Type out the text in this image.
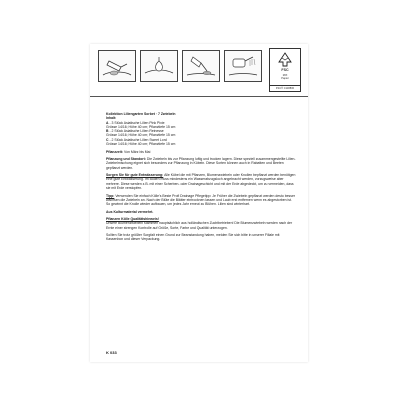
FSC
MIX
Papier
FSC® C118800

Kollektion Liliengarten Sorbet · 7 Zwiebeln
Inhalt:
A - 3 Stück Asiatische Lilien Pink Pixie
Grösse 14/16; Höhe 40 cm; Pflanztiefe 15 cm
B - 2 Stück Asiatische Lilien Reinesse
Grösse 14/16; Höhe 40 cm; Pflanztiefe 15 cm
C - 2 Stück Asiatische Lilien Sweet Lord
Grösse 14/16; Höhe 40 cm; Pflanztiefe 15 cm

Pflanzzeit: Von März bis Mai

Pflanzung und Standort: Die Zwiebeln bis zur Pflanzung luftig und trocken lagern. Diese speziell zusammengestellte Lilien-Zwiebelmischung eignet sich besonders zur Pflanzung in Kübeln. Diese Sorten können auch in Rabatten und Beeten gepflanzt werden.

Sorgen Sie für gute Entwässerung: Alle Kübel die mit Pflanzen, Blumenzwiebeln oder Knollen bepflanzt werden benötigen eine gute Entwässerung. Im Boden muss mindestens ein Wasserabzugsloch angebracht werden, vorzugsweise aber mehrere. Diese werden z.B. mit einer Scherben- oder Drainageschicht und mit der Erde abgedeckt, um zu vermeiden, dass sie mit Erde verstopfen.

Tipp: Verwenden Sie einfach Kölle's Beste Profi Drainage Pflegetipp: Je Früher die Zwiebeln gepflanzt werden desto besser wachsen die Zwiebeln an. Nach der Blüte die Blätter eintrocknen lassen und Laub erst entfernen wenn es abgestorben ist. So gewinnt die Knolle wieder aufbauen, um jedes Jahr erneut zu Blühen. Lilien sind winterhart.

Aus Kulturmaterial vermehrt.

Pflanzen Kölle Qualitätshinweis!
Unsere Blumenzwiebeln stammen hauptsächlich aus holländischen Zuchtbetrieben! Die Blumenzwiebeln werden nach der Ernte einer strengen Kontrolle auf Größe, Sorte, Farbe und Qualität unterzogen.

Sollten Sie trotz größter Sorgfalt einen Grund zur Beanstandung haben, melden Sie sich bitte in unserer Filiale mit Kassenbon und dieser Verpackung.

K 033
